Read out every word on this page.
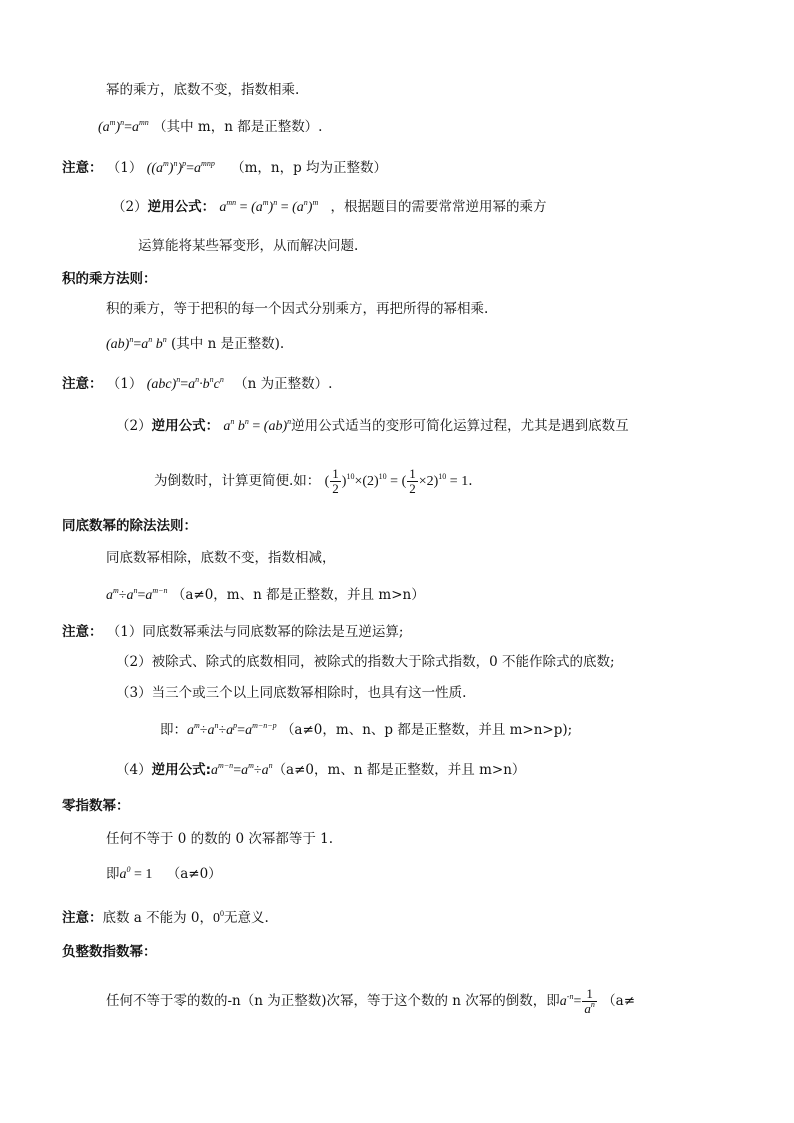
幂的乘方，底数不变，指数相乘.
$(a^m)^n=a^{mn}$ （其中 m，n 都是正整数）.
注意： （1） $((a^m)^n)^p=a^{mnp}$ （m，n，p 均为正整数）
（2）逆用公式： $a^{mn} = (a^m)^n = (a^n)^m$ ，根据题目的需要常常逆用幂的乘方
运算能将某些幂变形，从而解决问题.
积的乘方法则：
积的乘方，等于把积的每一个因式分别乘方，再把所得的幂相乘.
$(ab)^n=a^n$ $b^n$ (其中 n 是正整数).
注意： （1） $(abc)^n=a^n\cdot b^nc^n$ （n 为正整数）.
（2）逆用公式： $a^n$ $b^n = (ab)^n$逆用公式适当的变形可简化运算过程，尤其是遇到底数互
为倒数时，计算更简便.如： ( $\frac{1}{2} )^{10}\times(2)^{10}$ = ( $\frac{1}{2} \times 2)^{10} = 1$.
同底数幂的除法法则：
同底数幂相除，底数不变，指数相减，
$a^m\div a^n=a^{m-n}$ （a≠0，m、n 都是正整数，并且 m>n）
注意： （1）同底数幂乘法与同底数幂的除法是互逆运算;
（2）被除式、除式的底数相同，被除式的指数大于除式指数，0 不能作除式的底数;
（3）当三个或三个以上同底数幂相除时，也具有这一性质.
即：$a^m\div a^n\div a^p=a^{m-n-p}$ （a≠0，m、n、p 都是正整数，并且 m>n>p);
（4）逆用公式$:a^{m-n}=a^m\div a^n(a\ne 0$，m、n 都是正整数，并且 m>n）
零指数幂：
任何不等于 0 的数的 0 次幂都等于 1.
即$a^0 = 1$ （a≠0）
注意：底数 a 不能为 0，$0^0$无意义.
负整数指数幂：
任何不等于零的数的-n（n 为正整数)次幂，等于这个数的 n 次幂的倒数，即$a^{-n}= \frac{1}{a^n} (a\ne$
